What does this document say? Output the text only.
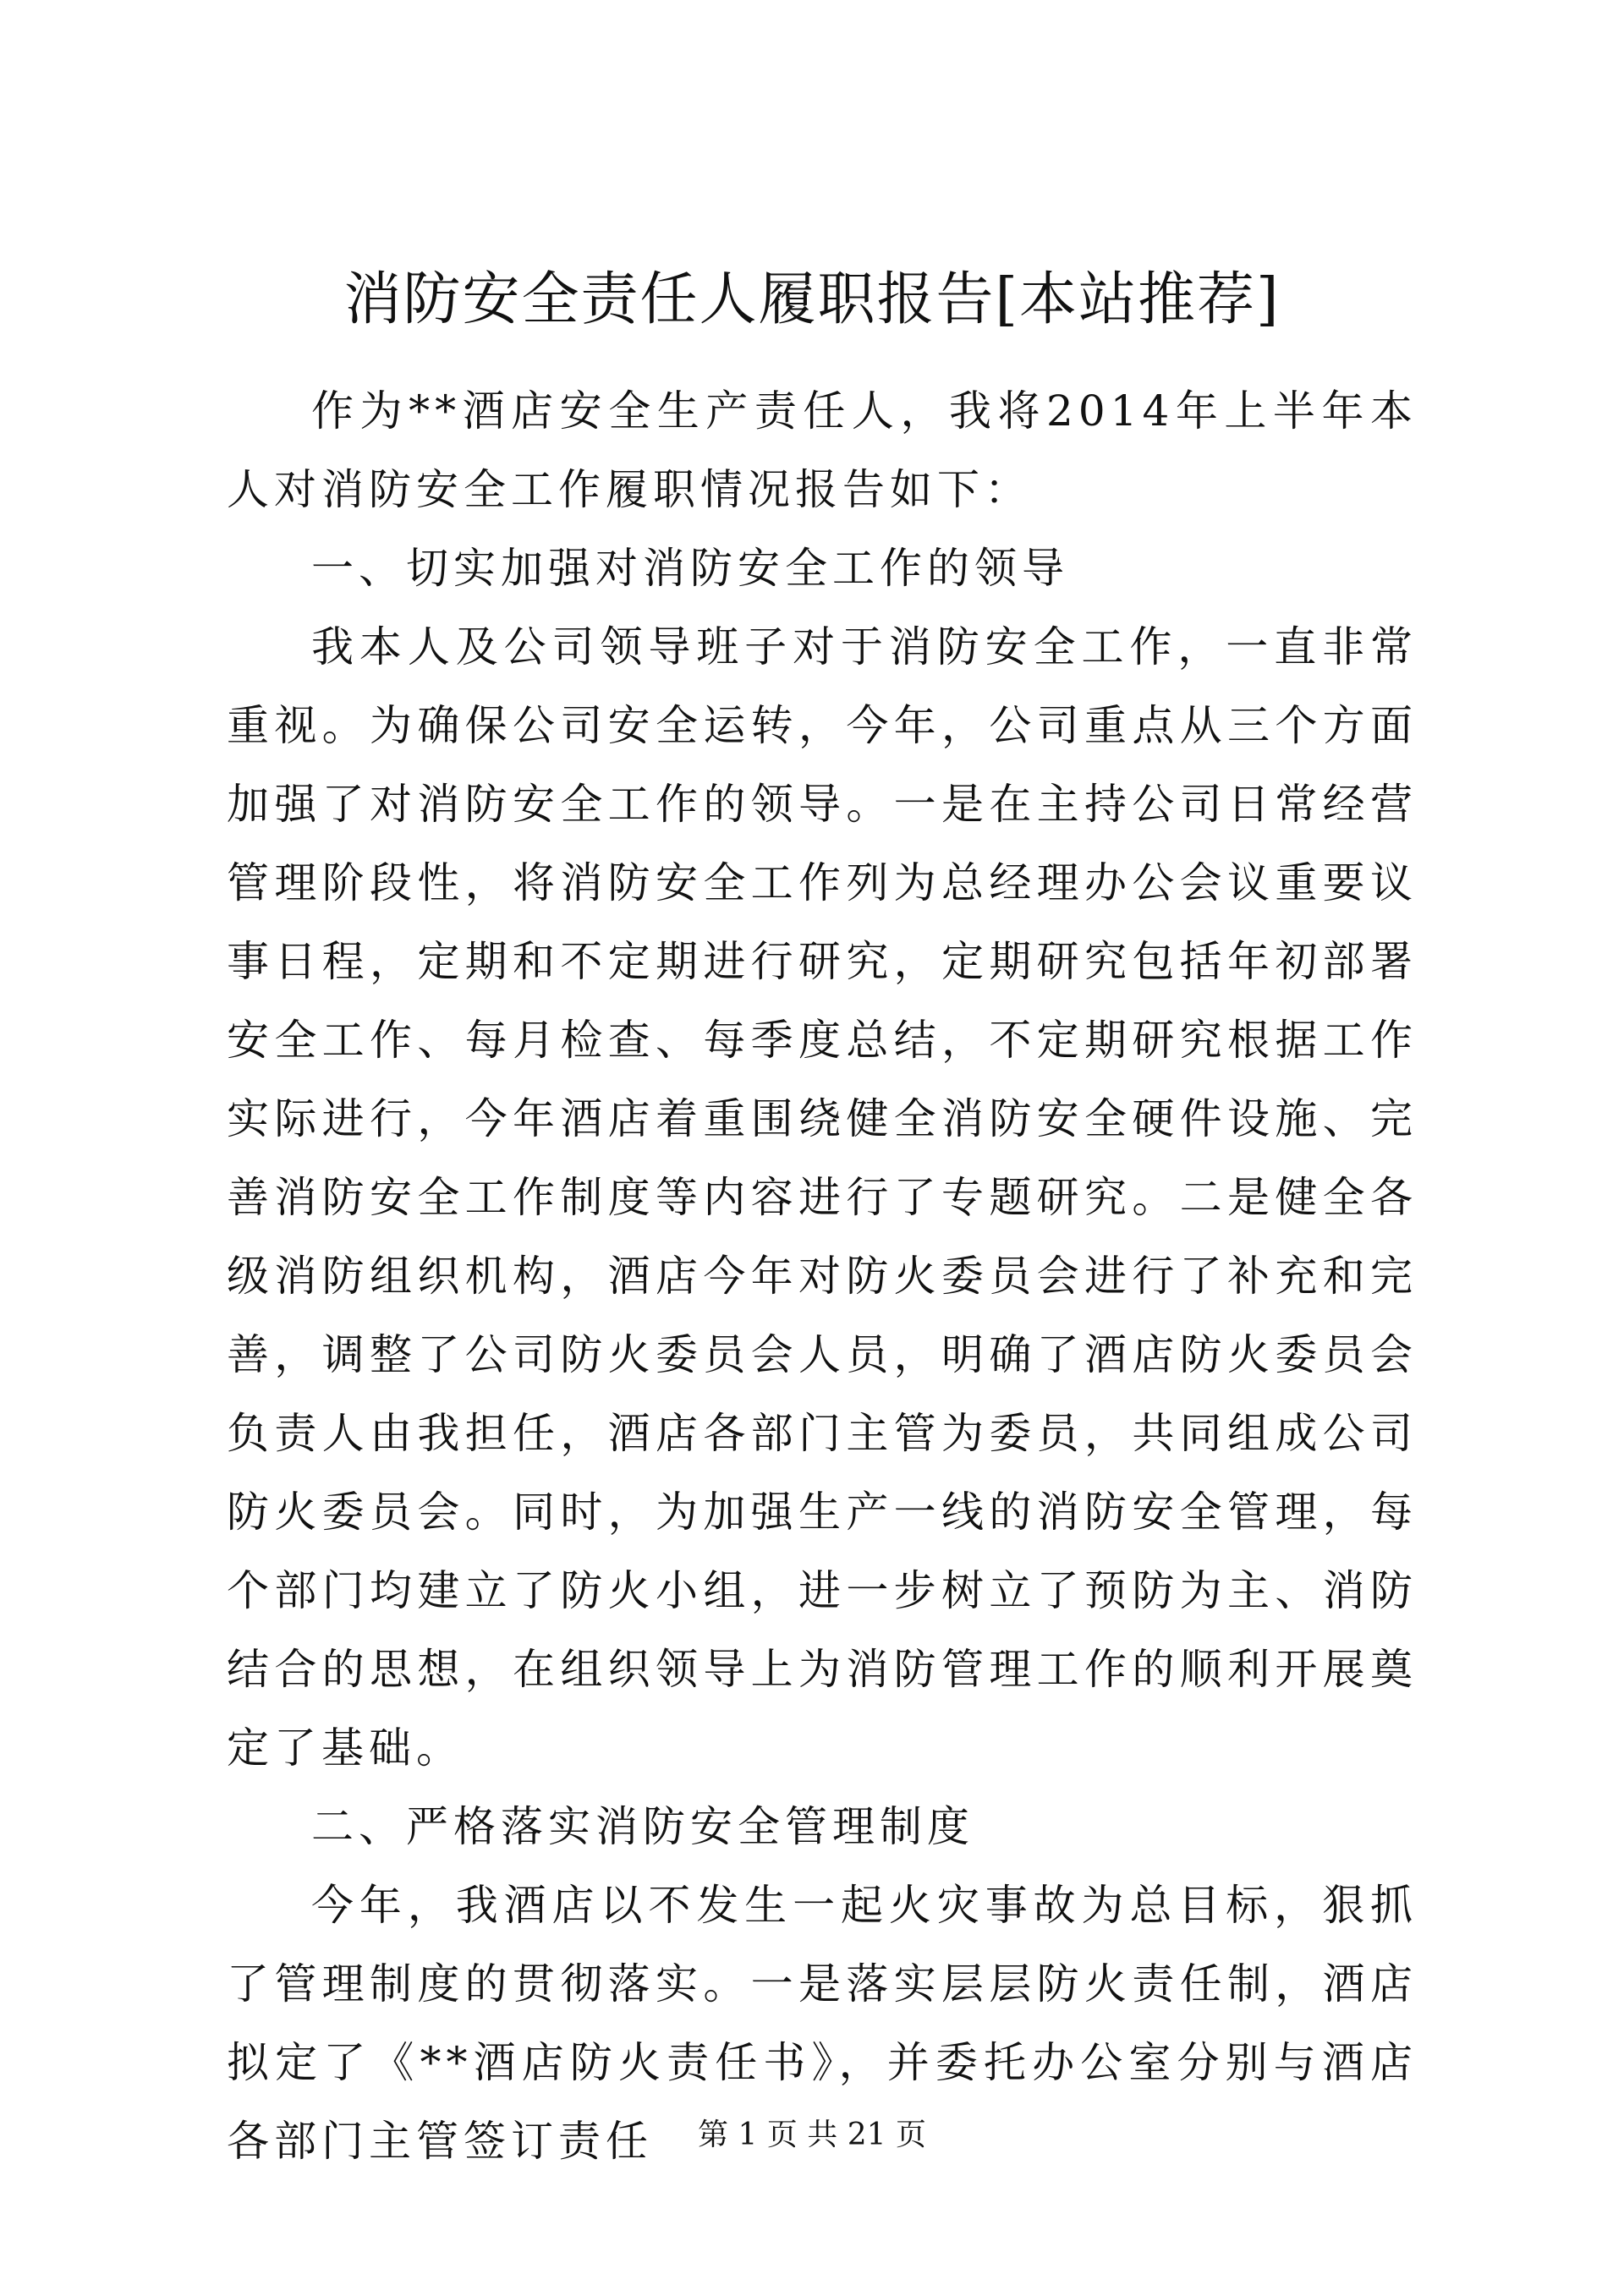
消防安全责任人履职报告[本站推荐]

作为**酒店安全生产责任人，我将2014年上半年本人对消防安全工作履职情况报告如下：

一、切实加强对消防安全工作的领导

我本人及公司领导班子对于消防安全工作，一直非常重视。为确保公司安全运转，今年，公司重点从三个方面加强了对消防安全工作的领导。一是在主持公司日常经营管理阶段性，将消防安全工作列为总经理办公会议重要议事日程，定期和不定期进行研究，定期研究包括年初部署安全工作、每月检查、每季度总结，不定期研究根据工作实际进行，今年酒店着重围绕健全消防安全硬件设施、完善消防安全工作制度等内容进行了专题研究。二是健全各级消防组织机构，酒店今年对防火委员会进行了补充和完善，调整了公司防火委员会人员，明确了酒店防火委员会负责人由我担任，酒店各部门主管为委员，共同组成公司防火委员会。同时，为加强生产一线的消防安全管理，每个部门均建立了防火小组，进一步树立了预防为主、消防结合的思想，在组织领导上为消防管理工作的顺利开展奠定了基础。

二、严格落实消防安全管理制度

今年，我酒店以不发生一起火灾事故为总目标，狠抓了管理制度的贯彻落实。一是落实层层防火责任制，酒店拟定了《**酒店防火责任书》，并委托办公室分别与酒店各部门主管签订责任	第 1 页 共 21 页
